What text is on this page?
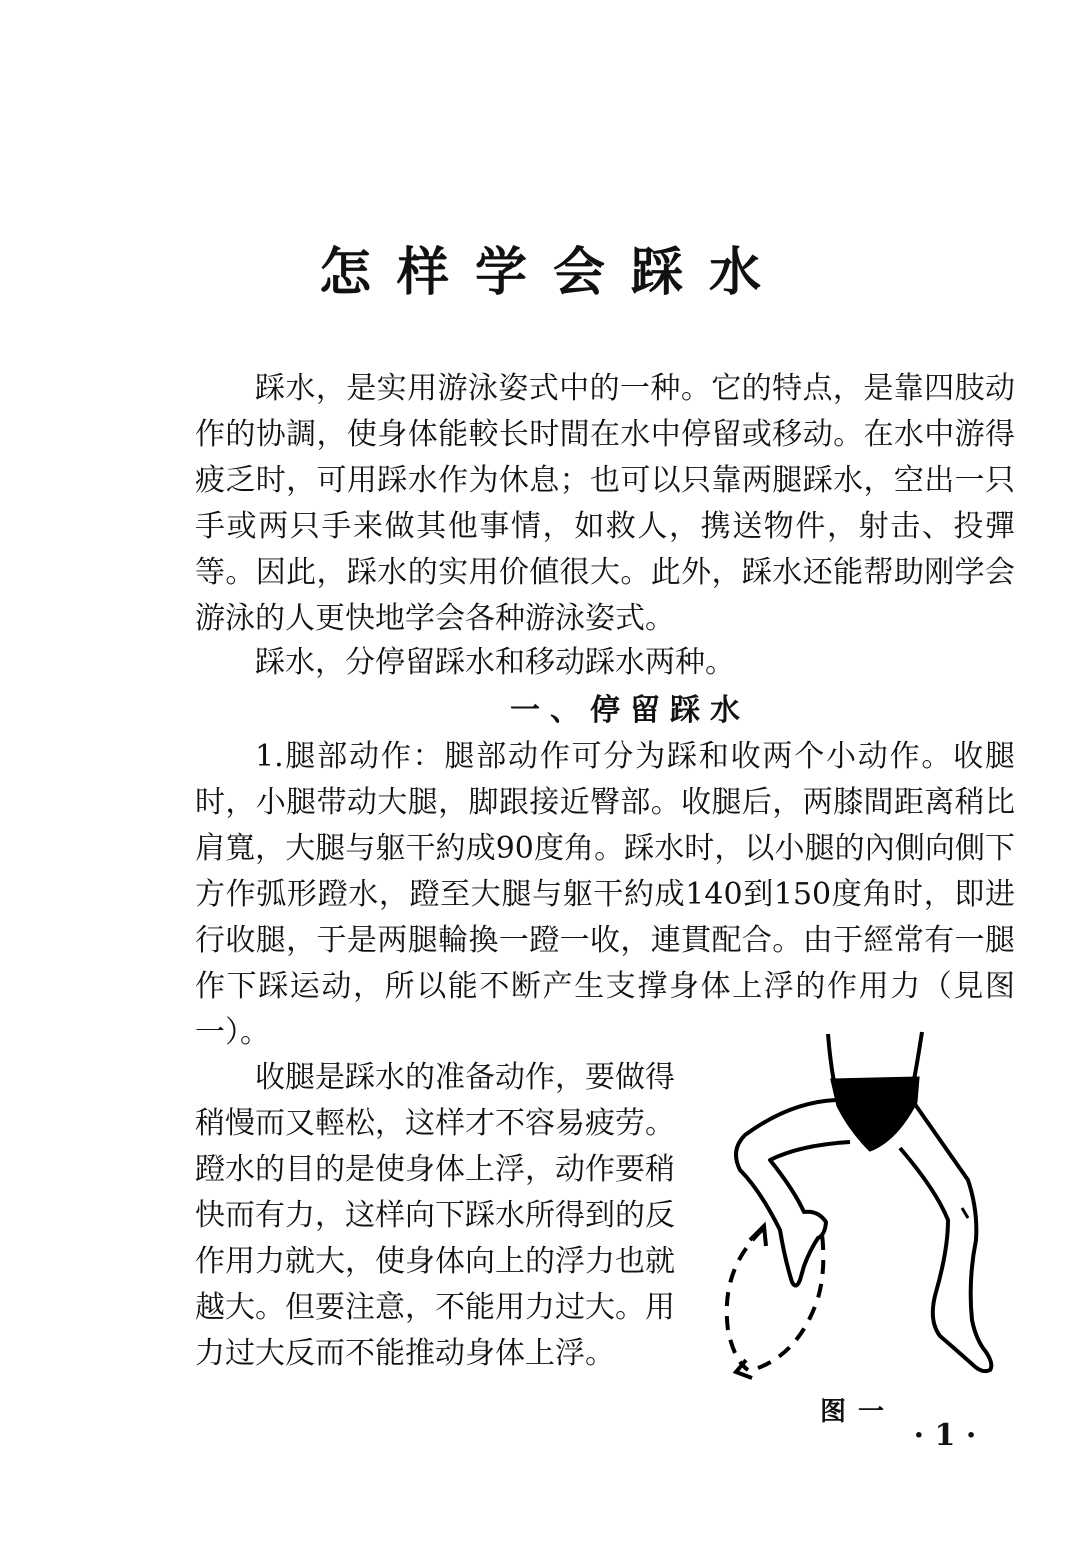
怎样学会踩水

踩水，是实用游泳姿式中的一种。它的特点，是靠四肢动作的协調，使身体能較长时間在水中停留或移动。在水中游得疲乏时，可用踩水作为休息；也可以只靠两腿踩水，空出一只手或两只手来做其他事情，如救人，携送物件，射击、投彈等。因此，踩水的实用价値很大。此外，踩水还能帮助刚学会游泳的人更快地学会各种游泳姿式。

踩水，分停留踩水和移动踩水两种。

一、停留踩水

1.腿部动作：腿部动作可分为踩和收两个小动作。收腿时，小腿带动大腿，脚跟接近臀部。收腿后，两膝間距离稍比肩寬，大腿与躯干約成90度角。踩水时，以小腿的內側向側下方作弧形蹬水，蹬至大腿与躯干約成140到150度角时，即进行收腿，于是两腿輪換一蹬一收，連貫配合。由于經常有一腿作下踩运动，所以能不断产生支撑身体上浮的作用力（見图一）。

收腿是踩水的准备动作，要做得稍慢而又輕松，这样才不容易疲劳。蹬水的目的是使身体上浮，动作要稍快而有力，这样向下踩水所得到的反作用力就大，使身体向上的浮力也就越大。但要注意，不能用力过大。用力过大反而不能推动身体上浮。

图一
· 1 ·
